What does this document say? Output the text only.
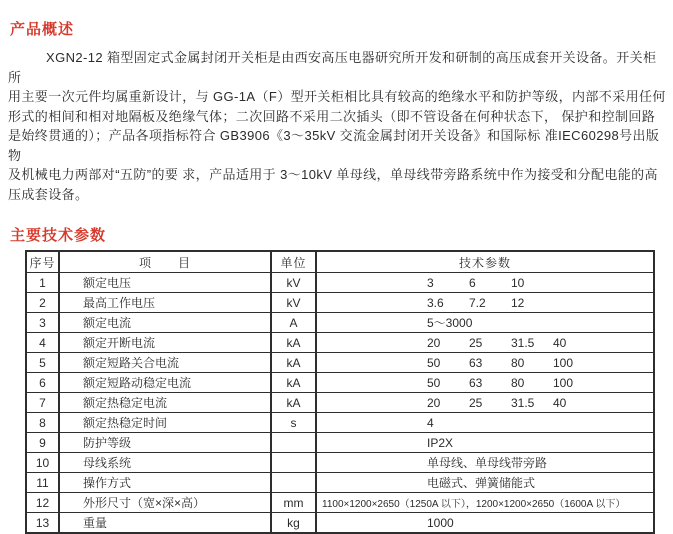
产品概述
XGN2-12 箱型固定式金属封闭开关柜是由西安高压电器研究所开发和研制的高压成套开关设备。开关柜所
用主要一次元件均属重新设计，与 GG-1A（F）型开关柜相比具有较高的绝缘水平和防护等级，内部不采用任何
形式的相间和相对地隔板及绝缘气体；二次回路不采用二次插头（即不管设备在何种状态下， 保护和控制回路
是始终贯通的）；产品各项指标符合 GB3906《3～35kV 交流金属封闭开关设备》和国际标 准IEC60298号出版物
及机械电力两部对“五防”的要 求，产品适用于 3～10kV 单母线，单母线带旁路系统中作为接受和分配电能的高
压成套设备。
主要技术参数
序号	项　　目	单位	技术参数
1	额定电压	kV	3 6 10
2	最高工作电压	kV	3.6 7.2 12
3	额定电流	A	5～3000
4	额定开断电流	kA	20 25 31.5 40
5	额定短路关合电流	kA	50 63 80 100
6	额定短路动稳定电流	kA	50 63 80 100
7	额定热稳定电流	kA	20 25 31.5 40
8	额定热稳定时间	s	4
9	防护等级		IP2X
10	母线系统		单母线、单母线带旁路
11	操作方式		电磁式、弹簧储能式
12	外形尺寸（宽×深×高）	mm	1100×1200×2650（1250A 以下），1200×1200×2650（1600A 以下）
13	重量	kg	1000
